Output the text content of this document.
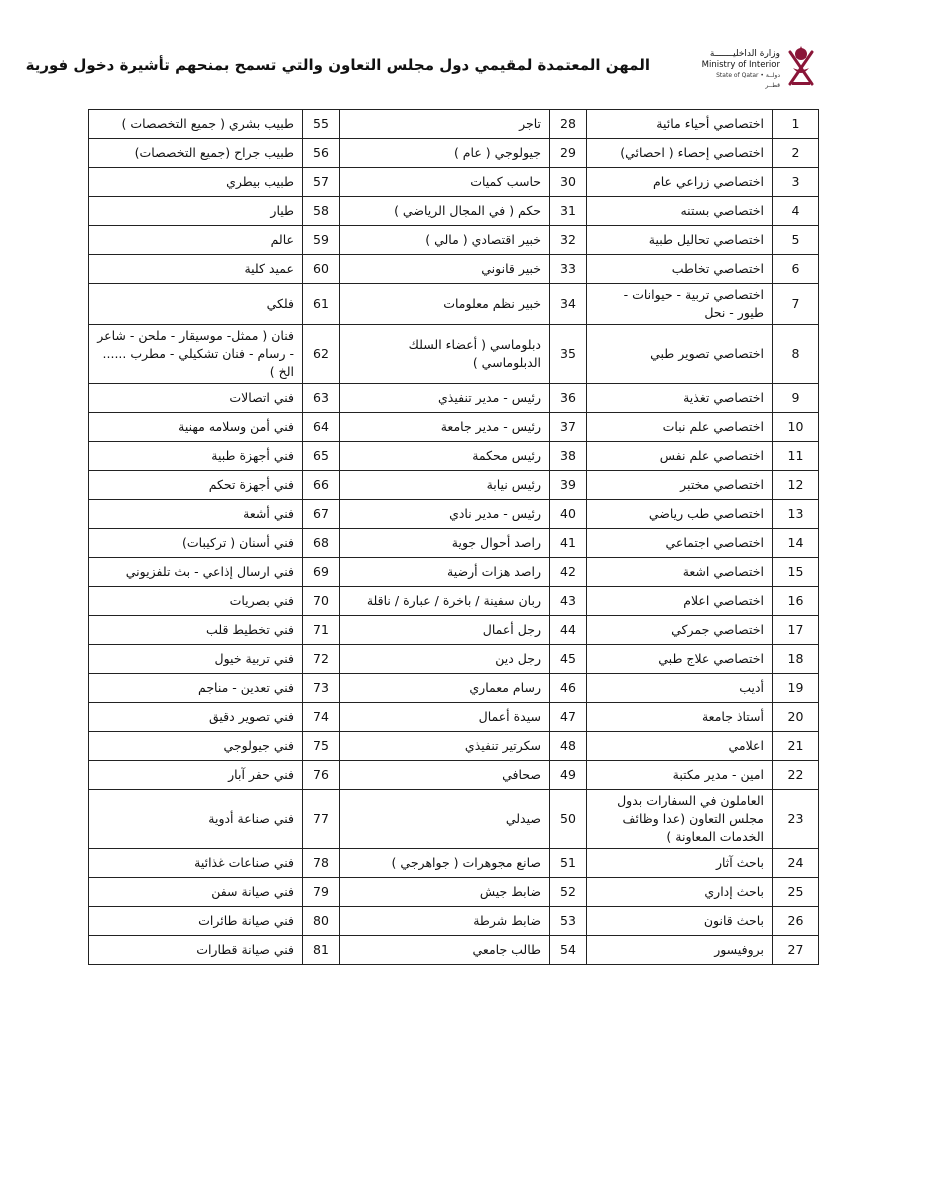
المهن المعتمدة لمقيمي دول مجلس التعاون والتي تسمح بمنحهم تأشيرة دخول فورية
وزارة الداخليـــــــة
Ministry of Interior
State of Qatar • دولــة قطــر
1	اختصاصي أحياء مائية	28	تاجر	55	طبيب بشري ( جميع التخصصات )
2	اختصاصي إحصاء ( احصائي)	29	جيولوجي ( عام )	56	طبيب جراح (جميع التخصصات)
3	اختصاصي زراعي عام	30	حاسب كميات	57	طبيب بيطري
4	اختصاصي بستنه	31	حكم ( في المجال الرياضي )	58	طيار
5	اختصاصي تحاليل طبية	32	خبير اقتصادي ( مالي )	59	عالم
6	اختصاصي تخاطب	33	خبير قانوني	60	عميد كلية
7	اختصاصي تربية - حيوانات - طيور - نحل	34	خبير نظم معلومات	61	فلكي
8	اختصاصي تصوير طبي	35	دبلوماسي ( أعضاء السلك الدبلوماسي )	62	فنان ( ممثل- موسيقار - ملحن - شاعر - رسام - فنان تشكيلي - مطرب ...... الخ )
9	اختصاصي تغذية	36	رئيس - مدير تنفيذي	63	فني اتصالات
10	اختصاصي علم نبات	37	رئيس - مدير جامعة	64	فني أمن وسلامه مهنية
11	اختصاصي علم نفس	38	رئيس محكمة	65	فني أجهزة طبية
12	اختصاصي مختبر	39	رئيس نيابة	66	فني أجهزة تحكم
13	اختصاصي طب رياضي	40	رئيس - مدير نادي	67	فني أشعة
14	اختصاصي اجتماعي	41	راصد أحوال جوية	68	فني أسنان ( تركيبات)
15	اختصاصي اشعة	42	راصد هزات أرضية	69	فني ارسال إذاعي - بث تلفزيوني
16	اختصاصي اعلام	43	ربان سفينة / باخرة / عبارة / ناقلة	70	فني بصريات
17	اختصاصي جمركي	44	رجل أعمال	71	فني تخطيط قلب
18	اختصاصي علاج طبي	45	رجل دين	72	فني تربية خيول
19	أديب	46	رسام معماري	73	فني تعدين - مناجم
20	أستاذ جامعة	47	سيدة أعمال	74	فني تصوير دقيق
21	اعلامي	48	سكرتير تنفيذي	75	فني جيولوجي
22	امين - مدير مكتبة	49	صحافي	76	فني حفر آبار
23	العاملون في السفارات بدول مجلس التعاون (عدا وظائف الخدمات المعاونة )	50	صيدلي	77	فني صناعة أدوية
24	باحث آثار	51	صانع مجوهرات ( جواهرجي )	78	فني صناعات غذائية
25	باحث إداري	52	ضابط جيش	79	فني صيانة سفن
26	باحث قانون	53	ضابط شرطة	80	فني صيانة طائرات
27	بروفيسور	54	طالب جامعي	81	فني صيانة قطارات
